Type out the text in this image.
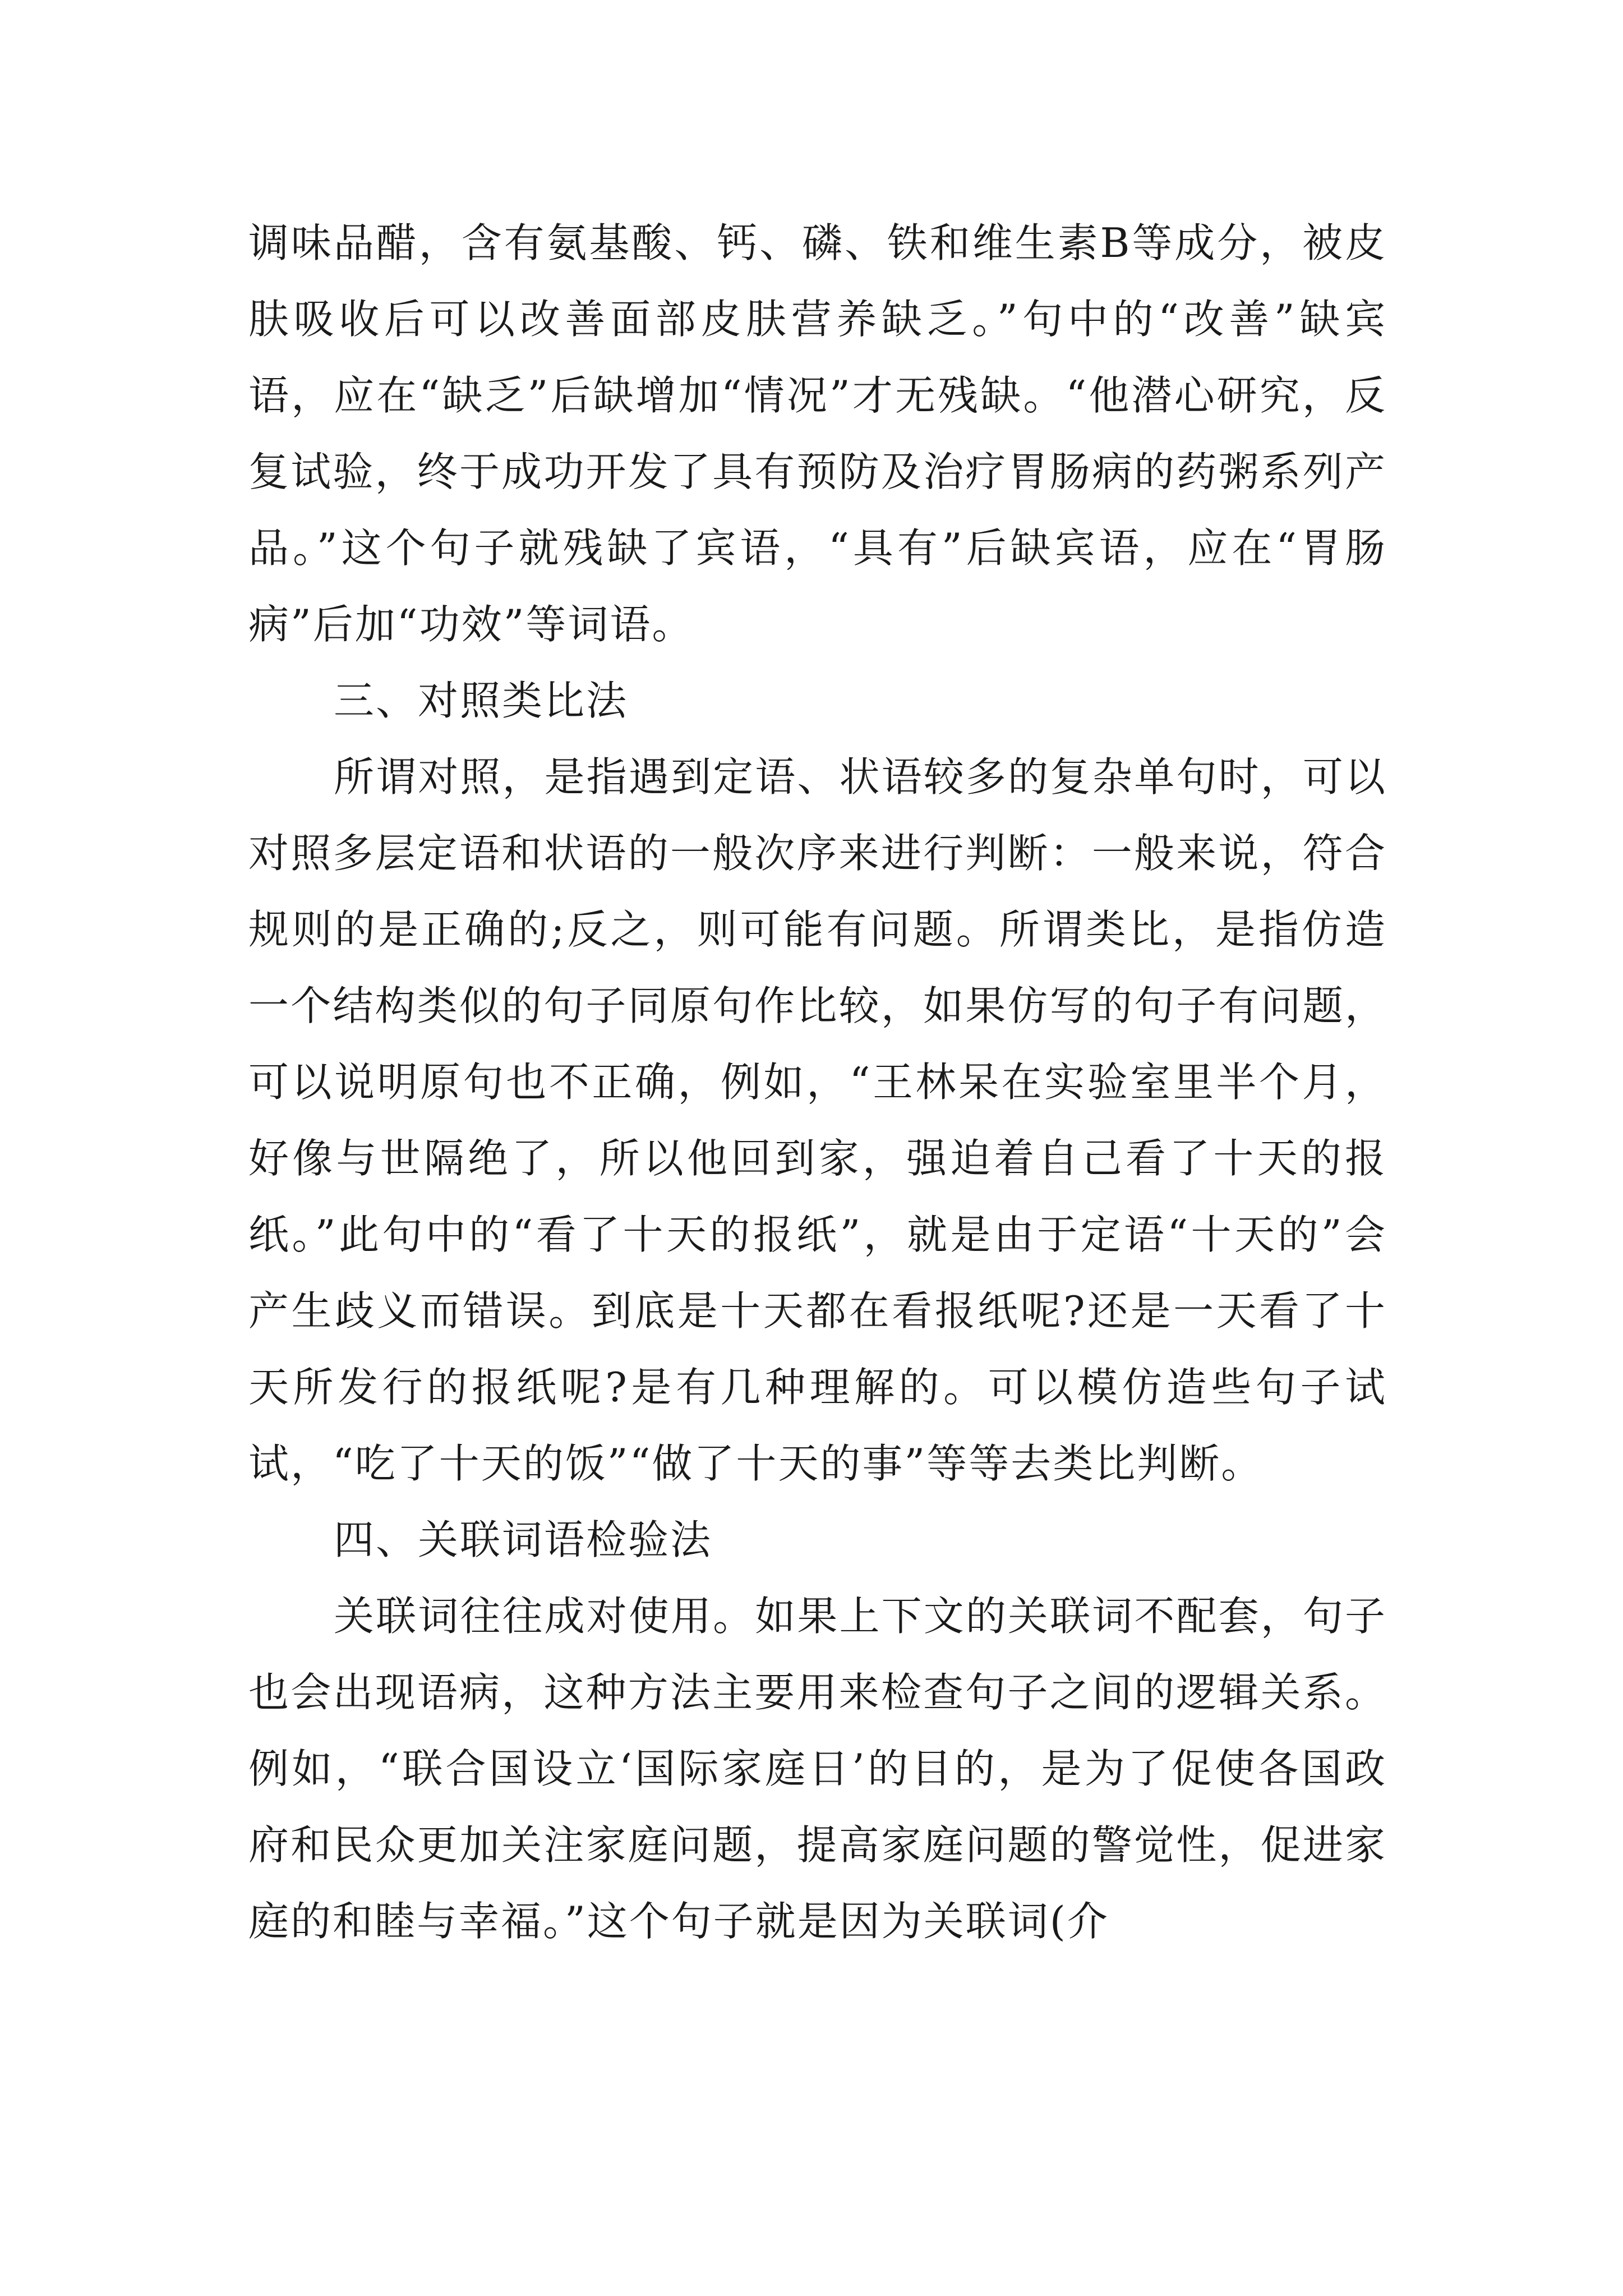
调味品醋，含有氨基酸、钙、磷、铁和维生素B等成分，被皮肤吸收后可以改善面部皮肤营养缺乏。”句中的“改善”缺宾语，应在“缺乏”后缺增加“情况”才无残缺。“他潜心研究，反复试验，终于成功开发了具有预防及治疗胃肠病的药粥系列产品。”这个句子就残缺了宾语，“具有”后缺宾语，应在“胃肠病”后加“功效”等词语。

三、对照类比法

所谓对照，是指遇到定语、状语较多的复杂单句时，可以对照多层定语和状语的一般次序来进行判断：一般来说，符合规则的是正确的;反之，则可能有问题。所谓类比，是指仿造一个结构类似的句子同原句作比较，如果仿写的句子有问题，可以说明原句也不正确，例如，“王林呆在实验室里半个月，好像与世隔绝了，所以他回到家，强迫着自己看了十天的报纸。”此句中的“看了十天的报纸”，就是由于定语“十天的”会产生歧义而错误。到底是十天都在看报纸呢?还是一天看了十天所发行的报纸呢?是有几种理解的。可以模仿造些句子试试，“吃了十天的饭”“做了十天的事”等等去类比判断。

四、关联词语检验法

关联词往往成对使用。如果上下文的关联词不配套，句子也会出现语病，这种方法主要用来检查句子之间的逻辑关系。例如，“联合国设立‘国际家庭日’的目的，是为了促使各国政府和民众更加关注家庭问题，提高家庭问题的警觉性，促进家庭的和睦与幸福。”这个句子就是因为关联词(介
